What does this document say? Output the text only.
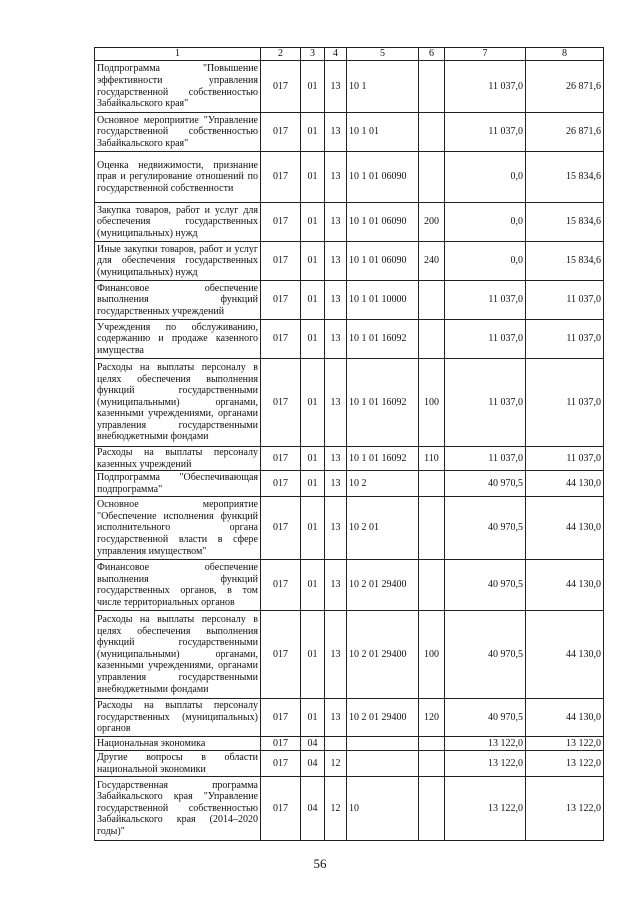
1	2	3	4	5	6	7	8
Подпрограмма "Повышение эффективности управления государственной собственностью Забайкальского края"	017	01	13	10 1		11 037,0	26 871,6
Основное мероприятие "Управление государственной собственностью Забайкальского края"	017	01	13	10 1 01		11 037,0	26 871,6
Оценка недвижимости, признание прав и регулирование отношений по государственной собственности	017	01	13	10 1 01 06090		0,0	15 834,6
Закупка товаров, работ и услуг для обеспечения государственных (муниципальных) нужд	017	01	13	10 1 01 06090	200	0,0	15 834,6
Иные закупки товаров, работ и услуг для обеспечения государственных (муниципальных) нужд	017	01	13	10 1 01 06090	240	0,0	15 834,6
Финансовое обеспечение выполнения функций государственных учреждений	017	01	13	10 1 01 10000		11 037,0	11 037,0
Учреждения по обслуживанию, содержанию и продаже казенного имущества	017	01	13	10 1 01 16092		11 037,0	11 037,0
Расходы на выплаты персоналу в целях обеспечения выполнения функций государственными (муниципальными) органами, казенными учреждениями, органами управления государственными внебюджетными фондами	017	01	13	10 1 01 16092	100	11 037,0	11 037,0
Расходы на выплаты персоналу казенных учреждений	017	01	13	10 1 01 16092	110	11 037,0	11 037,0
Подпрограмма "Обеспечивающая подпрограмма"	017	01	13	10 2		40 970,5	44 130,0
Основное мероприятие "Обеспечение исполнения функций исполнительного органа государственной власти в сфере управления имуществом"	017	01	13	10 2 01		40 970,5	44 130,0
Финансовое обеспечение выполнения функций государственных органов, в том числе территориальных органов	017	01	13	10 2 01 29400		40 970,5	44 130,0
Расходы на выплаты персоналу в целях обеспечения выполнения функций государственными (муниципальными) органами, казенными учреждениями, органами управления государственными внебюджетными фондами	017	01	13	10 2 01 29400	100	40 970,5	44 130,0
Расходы на выплаты персоналу государственных (муниципальных) органов	017	01	13	10 2 01 29400	120	40 970,5	44 130,0
Национальная экономика	017	04				13 122,0	13 122,0
Другие вопросы в области национальной экономики	017	04	12			13 122,0	13 122,0
Государственная программа Забайкальского края "Управление государственной собственностью Забайкальского края (2014–2020 годы)"	017	04	12	10		13 122,0	13 122,0
56
